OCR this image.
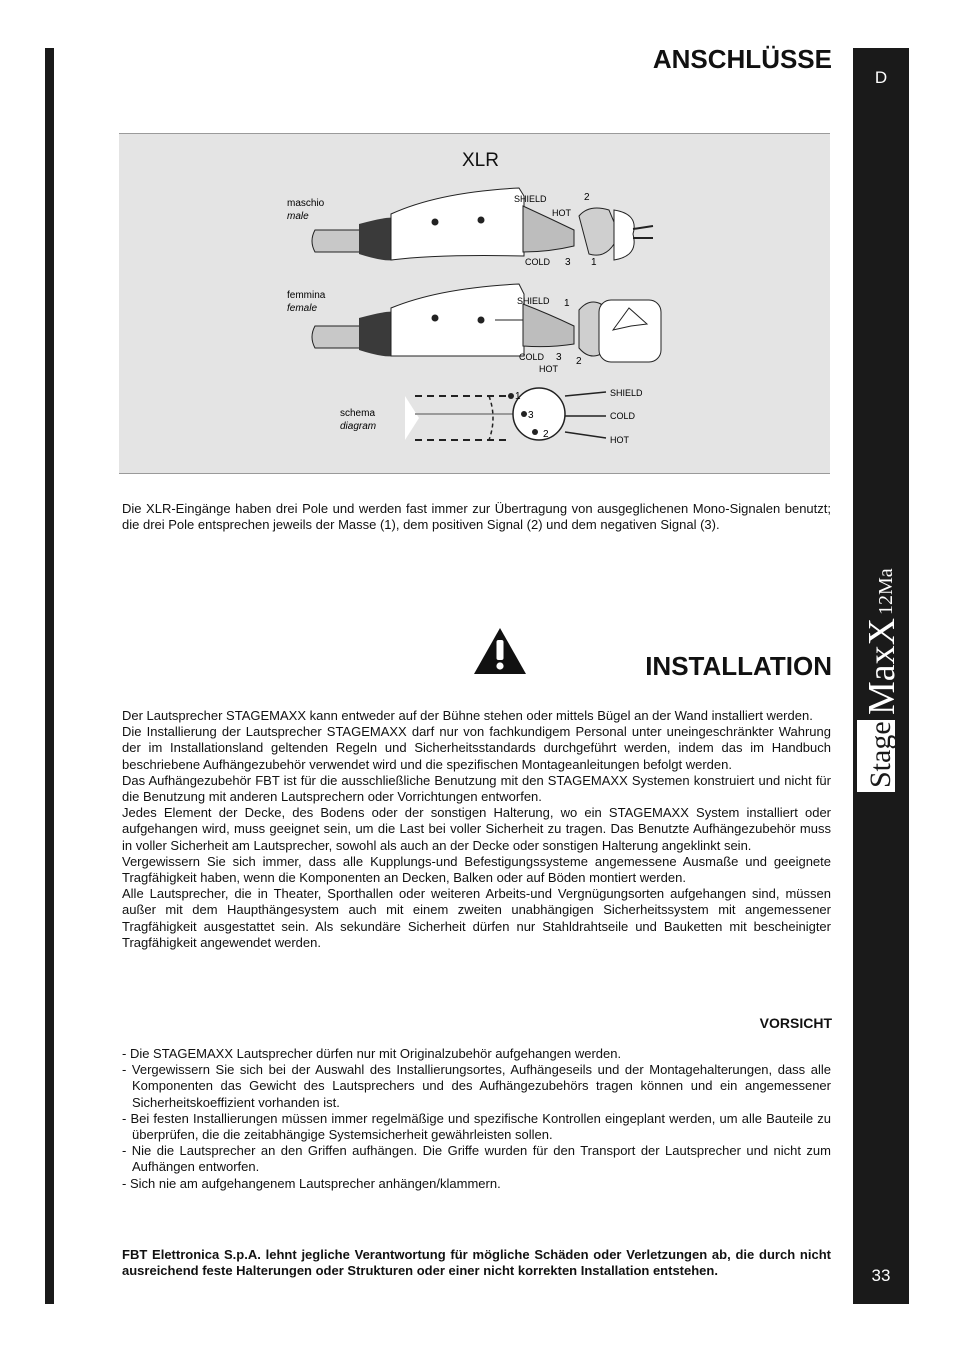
D
Stage
MaxX
12Ma
33
ANSCHLÜSSE
XLR
maschio
male
SHIELD
HOT
2
COLD 3 1
femmina
female
SHIELD 1
COLD 3 2
HOT
1
3
2
SHIELD
COLD
HOT
schema
diagram

Die XLR-Eingänge haben drei Pole und werden fast immer zur Übertragung von ausgeglichenen Mono-Signalen benutzt; die drei Pole entsprechen jeweils der Masse (1), dem positiven Signal (2) und dem negativen Signal (3).

INSTALLATION
Der Lautsprecher STAGEMAXX kann entweder auf der Bühne stehen oder mittels Bügel an der Wand installiert werden.
Die Installierung der Lautsprecher STAGEMAXX darf nur von fachkundigem Personal unter uneingeschränkter Wahrung der im Installationsland geltenden Regeln und Sicherheitsstandards durchgeführt werden, indem das im Handbuch beschriebene Aufhängezubehör verwendet wird und die spezifischen Montageanleitungen befolgt werden.
Das Aufhängezubehör FBT ist für die ausschließliche Benutzung mit den STAGEMAXX Systemen konstruiert und nicht für die Benutzung mit anderen Lautsprechern oder Vorrichtungen entworfen.
Jedes Element der Decke, des Bodens oder der sonstigen Halterung, wo ein STAGEMAXX System installiert oder aufgehangen wird, muss geeignet sein, um die Last bei voller Sicherheit zu tragen. Das Benutzte Aufhängezubehör muss in voller Sicherheit am Lautsprecher, sowohl als auch an der Decke oder sonstigen Halterung angeklinkt sein.
Vergewissern Sie sich immer, dass alle Kupplungs-und Befestigungssysteme angemessene Ausmaße und geeignete Tragfähigkeit haben, wenn die Komponenten an Decken, Balken oder auf Böden montiert werden.
Alle Lautsprecher, die in Theater, Sporthallen oder weiteren Arbeits-und Vergnügungsorten aufgehangen sind, müssen außer mit dem Haupthängesystem auch mit einem zweiten unabhängigen Sicherheitssystem mit angemessener Tragfähigkeit ausgestattet sein. Als sekundäre Sicherheit dürfen nur Stahldrahtseile und Bauketten mit bescheinigter Tragfähigkeit angewendet werden.
VORSICHT
- Die STAGEMAXX Lautsprecher dürfen nur mit Originalzubehör aufgehangen werden.
- Vergewissern Sie sich bei der Auswahl des Installierungsortes, Aufhängeseils und der Montagehalterungen, dass alle Komponenten das Gewicht des Lautsprechers und des Aufhängezubehörs tragen können und ein angemessener Sicherheitskoeffizient vorhanden ist.
- Bei festen Installierungen müssen immer regelmäßige und spezifische Kontrollen eingeplant werden, um alle Bauteile zu überprüfen, die die zeitabhängige Systemsicherheit gewährleisten sollen.
- Nie die Lautsprecher an den Griffen aufhängen. Die Griffe wurden für den Transport der Lautsprecher und nicht zum Aufhängen entworfen.
- Sich nie am aufgehangenem Lautsprecher anhängen/klammern.

FBT Elettronica S.p.A. lehnt jegliche Verantwortung für mögliche Schäden oder Verletzungen ab, die durch nicht ausreichend feste Halterungen oder Strukturen oder einer nicht korrekten Installation entstehen.
